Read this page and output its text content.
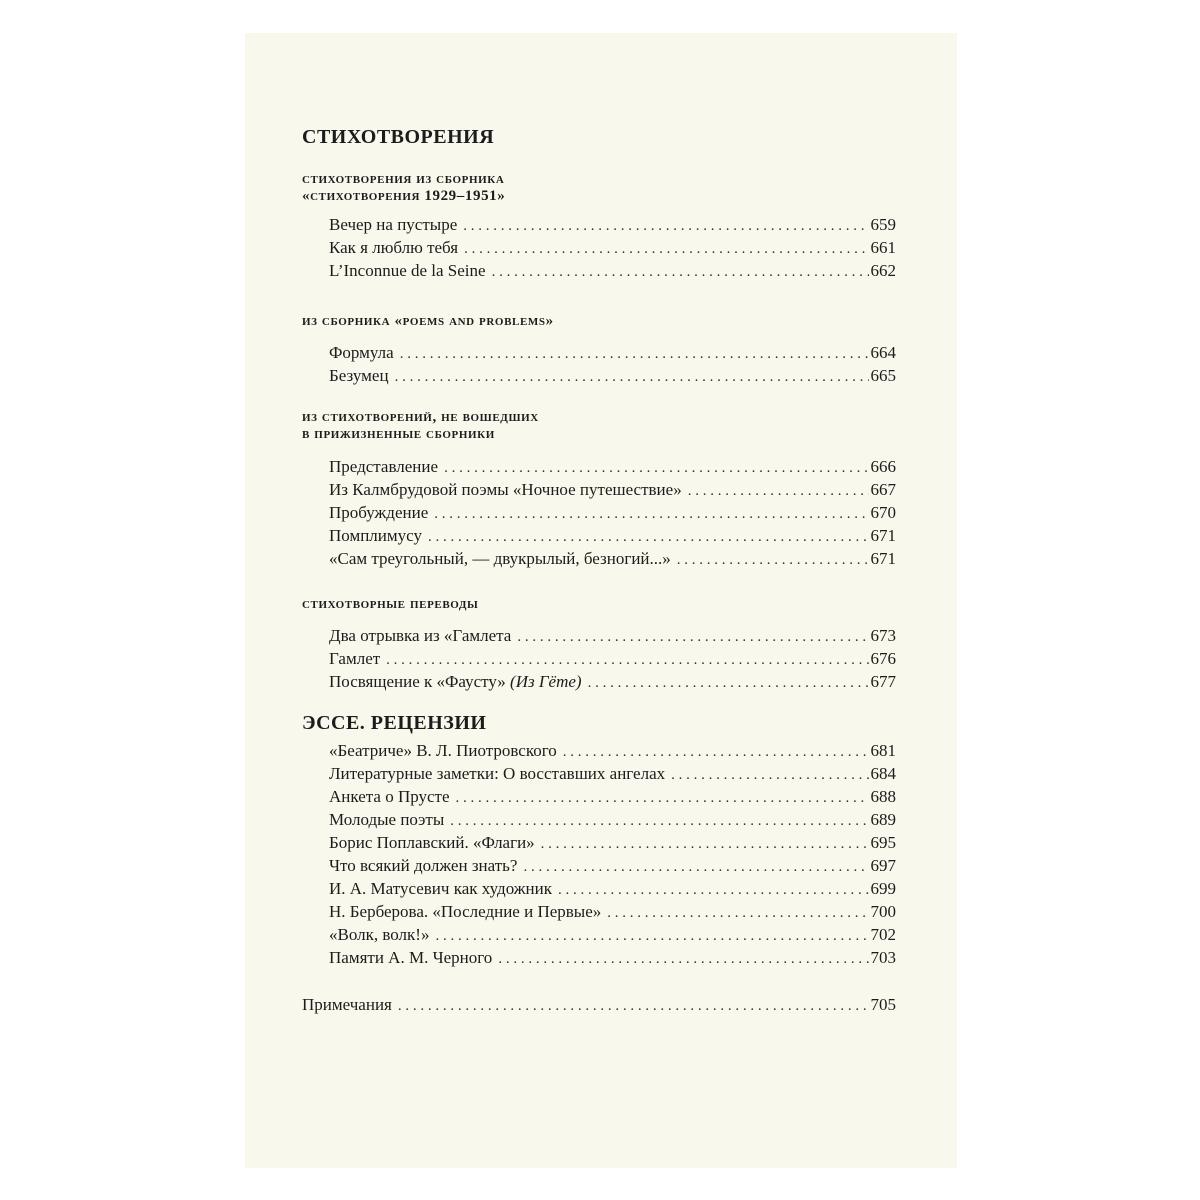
СТИХОТВОРЕНИЯ
стихотворения из сборника
«стихотворения 1929–1951»
Вечер на пустыре . . .	659
Как я люблю тебя . . .	661
L’Inconnue de la Seine . . .	662
из сборника «poems and problems»
Формула . . .	664
Безумец . . .	665
из стихотворений, не вошедших
в прижизненные сборники
Представление . . .	666
Из Калмбрудовой поэмы «Ночное путешествие» . . .	667
Пробуждение . . .	670
Помплимусу . . .	671
«Сам треугольный, — двукрылый, безногий...» . . .	671
стихотворные переводы
Два отрывка из «Гамлета . . .	673
Гамлет . . .	676
Посвящение к «Фаусту» (Из Гёте) . . .	677
ЭССЕ. РЕЦЕНЗИИ
«Беатриче» В. Л. Пиотровского . . .	681
Литературные заметки: О восставших ангелах . . .	684
Анкета о Прусте . . .	688
Молодые поэты . . .	689
Борис Поплавский. «Флаги» . . .	695
Что всякий должен знать? . . .	697
И. А. Матусевич как художник . . .	699
Н. Берберова. «Последние и Первые» . . .	700
«Волк, волк!» . . .	702
Памяти А. М. Черного . . .	703
Примечания . . .	705
